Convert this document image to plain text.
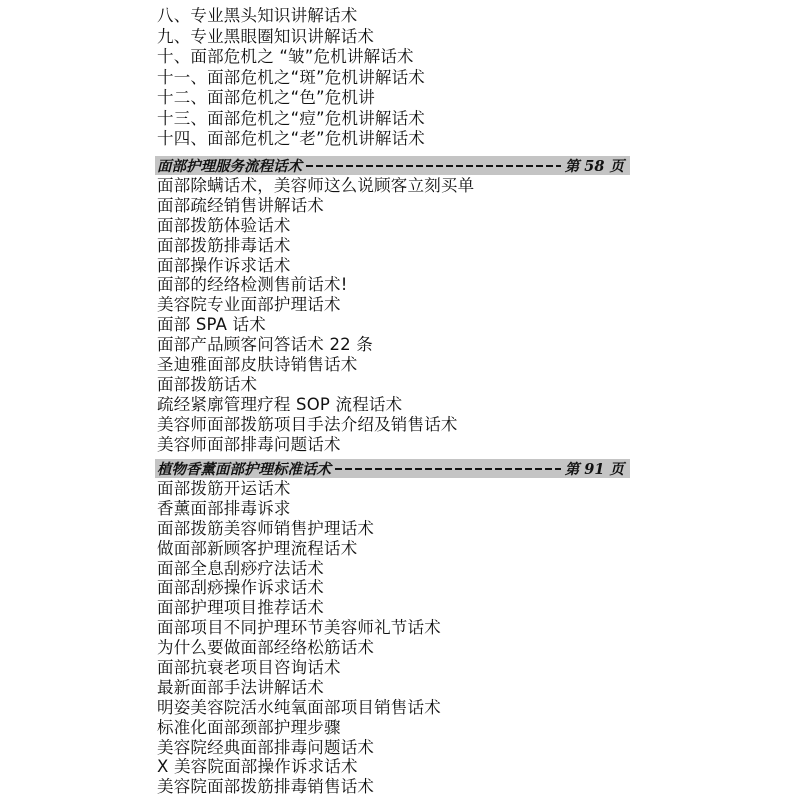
八、专业黑头知识讲解话术
九、专业黑眼圈知识讲解话术
十、面部危机之 “皱”危机讲解话术
十一、面部危机之“斑”危机讲解话术
十二、面部危机之“色”危机讲
十三、面部危机之“痘”危机讲解话术
十四、面部危机之“老”危机讲解话术
面部护理服务流程话术	第 58 页
面部除螨话术，美容师这么说顾客立刻买单
面部疏经销售讲解话术
面部拨筋体验话术
面部拨筋排毒话术
面部操作诉求话术
面部的经络检测售前话术!
美容院专业面部护理话术
面部 SPA 话术
面部产品顾客问答话术 22 条
圣迪雅面部皮肤诗销售话术
面部拨筋话术
疏经紧廓管理疗程 SOP 流程话术
美容师面部拨筋项目手法介绍及销售话术
美容师面部排毒问题话术
植物香薰面部护理标准话术	第 91 页
面部拨筋开运话术
香薰面部排毒诉求
面部拨筋美容师销售护理话术
做面部新顾客护理流程话术
面部全息刮痧疗法话术
面部刮痧操作诉求话术
面部护理项目推荐话术
面部项目不同护理环节美容师礼节话术
为什么要做面部经络松筋话术
面部抗衰老项目咨询话术
最新面部手法讲解话术
明姿美容院活水纯氧面部项目销售话术
标准化面部颈部护理步骤
美容院经典面部排毒问题话术
X 美容院面部操作诉求话术
美容院面部拨筋排毒销售话术
